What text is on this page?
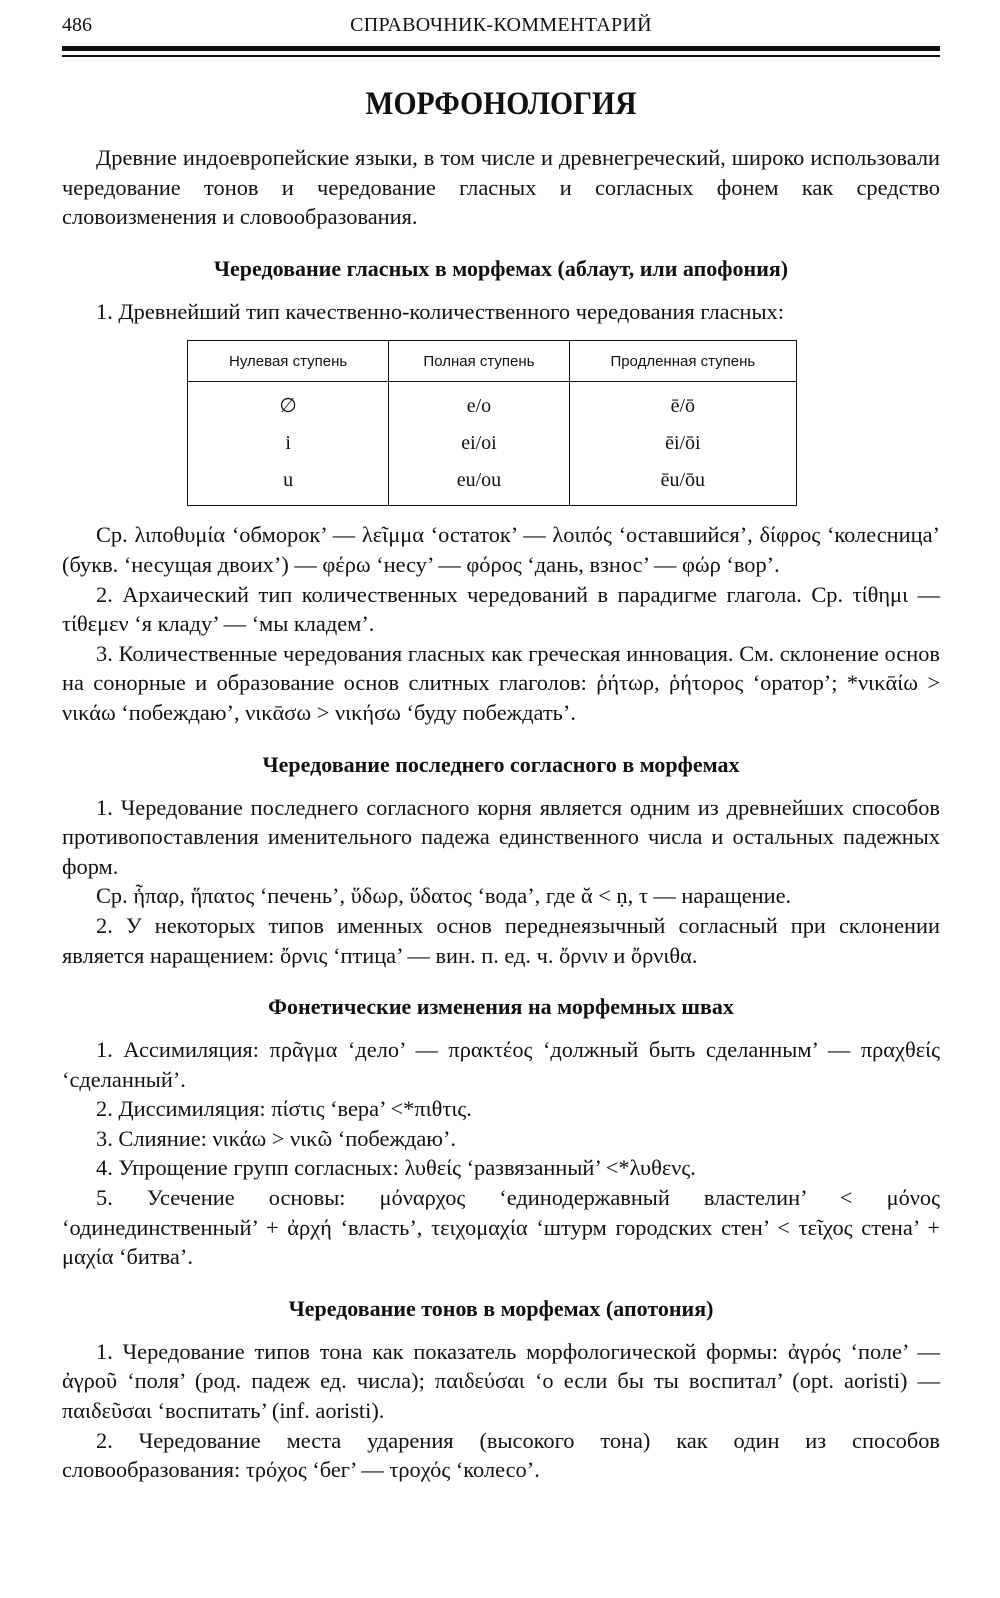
486	СПРАВОЧНИК-КОММЕНТАРИЙ
МОРФОНОЛОГИЯ

Древние индоевропейские языки, в том числе и древнегреческий, широко использовали чередование тонов и чередование гласных и согласных фонем как средство словоизменения и словообразования.

Чередование гласных в морфемах (аблаут, или апофония)

1. Древнейший тип качественно-количественного чередования гласных:

Нулевая ступень	Полная ступень	Продленная ступень
∅	e/o	ē/ō
i	ei/oi	ēi/ōi
u	eu/ou	ēu/ōu

Ср. λιποθυμία ‘обморок’ — λεῖμμα ‘остаток’ — λοιπός ‘оставшийся’, δίφρος ‘колесница’ (букв. ‘несущая двоих’) — φέρω ‘несу’ — φόρος ‘дань, взнос’ — φώρ ‘вор’.

2. Архаический тип количественных чередований в парадигме глагола. Ср. τίθημι — τίθεμεν ‘я кладу’ — ‘мы кладем’.

3. Количественные чередования гласных как греческая инновация. См. склонение основ на сонорные и образование основ слитных глаголов: ῥήτωρ, ῥήτορος ‘оратор’; *νικᾱίω > νικάω ‘побеждаю’, νικᾱσω > νικήσω ‘буду побеждать’.

Чередование последнего согласного в морфемах

1. Чередование последнего согласного корня является одним из древнейших способов противопоставления именительного падежа единственного числа и остальных падежных форм.

Ср. ἧπαρ, ἥπατος ‘печень’, ὕδωρ, ὕδατος ‘вода’, где ᾰ < ṇ, τ — наращение.

2. У некоторых типов именных основ переднеязычный согласный при склонении является наращением: ὄρνις ‘птица’ — вин. п. ед. ч. ὄρνιν и ὄρνιθα.

Фонетические изменения на морфемных швах

1. Ассимиляция: πρᾶγμα ‘дело’ — πρακτέος ‘должный быть сделанным’ — πραχθείς ‘сделанный’.

2. Диссимиляция: πίστις ‘вера’ <*πιθτις.

3. Слияние: νικάω > νικῶ ‘побеждаю’.

4. Упрощение групп согласных: λυθείς ‘развязанный’ <*λυθενς.

5. Усечение основы: μόναρχος ‘единодержавный властелин’ < μόνος ‘одинединственный’ + ἀρχή ‘власть’, τειχομαχία ‘штурм городских стен’ < τεῖχος стена’ + μαχία ‘битва’.

Чередование тонов в морфемах (апотония)

1. Чередование типов тона как показатель морфологической формы: ἀγρός ‘поле’ — ἀγροῦ ‘поля’ (род. падеж ед. числа); παιδεύσαι ‘о если бы ты воспитал’ (opt. aoristi) — παιδεῦσαι ‘воспитать’ (inf. aoristi).

2. Чередование места ударения (высокого тона) как один из способов словообразования: τρόχος ‘бег’ — τροχός ‘колесо’.
